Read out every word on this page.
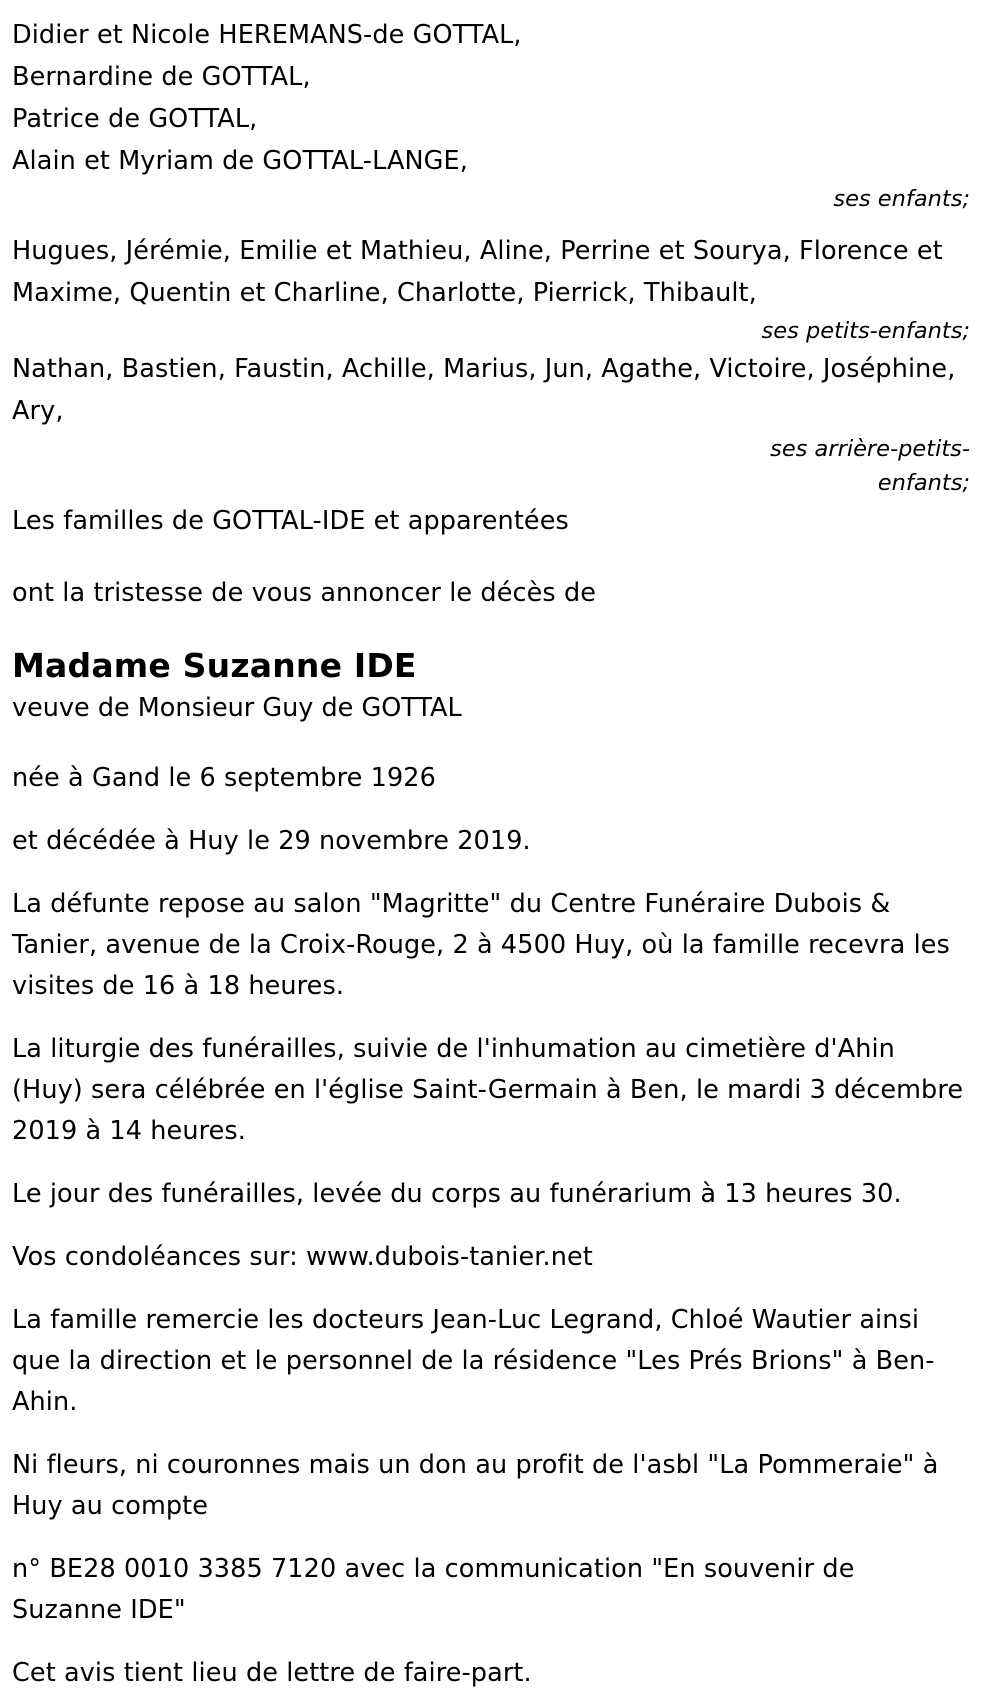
Didier et Nicole HEREMANS-de GOTTAL,
Bernardine de GOTTAL,
Patrice de GOTTAL,
Alain et Myriam de GOTTAL-LANGE,
ses enfants;
Hugues, Jérémie, Emilie et Mathieu, Aline, Perrine et Sourya, Florence et
Maxime, Quentin et Charline, Charlotte, Pierrick, Thibault,
ses petits-enfants;
Nathan, Bastien, Faustin, Achille, Marius, Jun, Agathe, Victoire, Joséphine,
Ary,
ses arrière-petits-
enfants;
Les familles de GOTTAL-IDE et apparentées
ont la tristesse de vous annoncer le décès de
Madame Suzanne IDE
veuve de Monsieur Guy de GOTTAL
née à Gand le 6 septembre 1926
et décédée à Huy le 29 novembre 2019.

La défunte repose au salon "Magritte" du Centre Funéraire Dubois & Tanier, avenue de la Croix-Rouge, 2 à 4500 Huy, où la famille recevra les visites de 16 à 18 heures.

La liturgie des funérailles, suivie de l'inhumation au cimetière d'Ahin (Huy) sera célébrée en l'église Saint-Germain à Ben, le mardi 3 décembre 2019 à 14 heures.

Le jour des funérailles, levée du corps au funérarium à 13 heures 30.

Vos condoléances sur: www.dubois-tanier.net

La famille remercie les docteurs Jean-Luc Legrand, Chloé Wautier ainsi que la direction et le personnel de la résidence "Les Prés Brions" à Ben-Ahin.

Ni fleurs, ni couronnes mais un don au profit de l'asbl "La Pommeraie" à Huy au compte

n° BE28 0010 3385 7120 avec la communication "En souvenir de Suzanne IDE"

Cet avis tient lieu de lettre de faire-part.
